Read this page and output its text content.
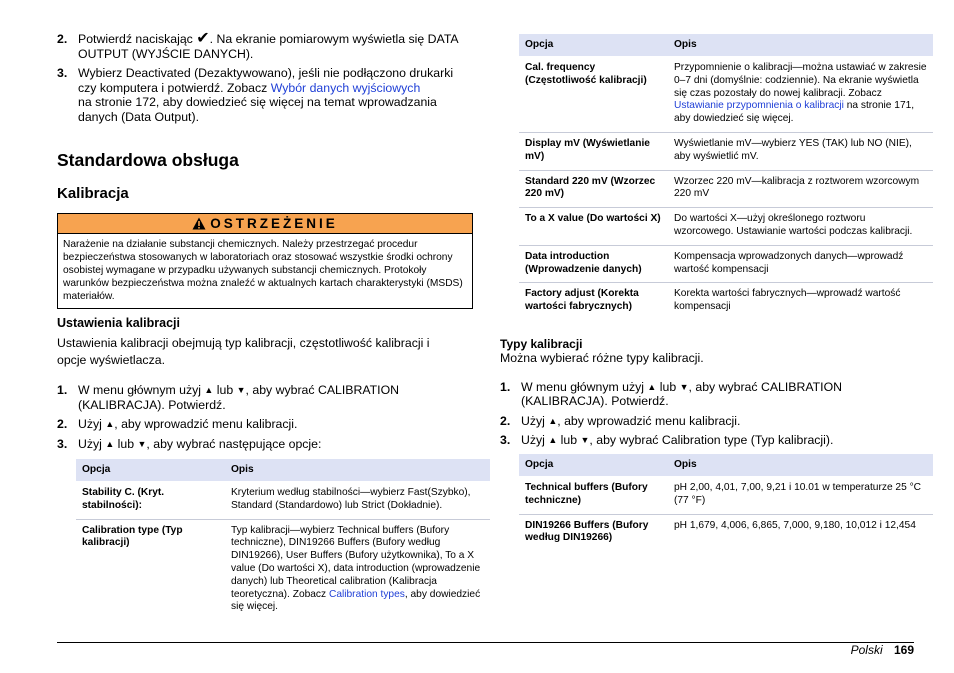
2. Potwierdź naciskając ✔. Na ekranie pomiarowym wyświetla się DATA OUTPUT (WYJŚCIE DANYCH).
3. Wybierz Deactivated (Dezaktywowano), jeśli nie podłączono drukarki czy komputera i potwierdź. Zobacz Wybór danych wyjściowych
na stronie 172, aby dowiedzieć się więcej na temat wprowadzania danych (Data Output).
Standardowa obsługa
Kalibracja
OSTRZEŻENIE
Narażenie na działanie substancji chemicznych. Należy przestrzegać procedur bezpieczeństwa stosowanych w laboratoriach oraz stosować wszystkie środki ochrony osobistej wymagane w przypadku używanych substancji chemicznych. Protokoły warunków bezpieczeństwa można znaleźć w aktualnych kartach charakterystyki (MSDS) materiałów.
Ustawienia kalibracji
Ustawienia kalibracji obejmują typ kalibracji, częstotliwość kalibracji i opcje wyświetlacza.
1. W menu głównym użyj ▲ lub ▼, aby wybrać CALIBRATION (KALIBRACJA). Potwierdź.
2. Użyj ▲, aby wprowadzić menu kalibracji.
3. Użyj ▲ lub ▼, aby wybrać następujące opcje:
Opcja	Opis
Stability C. (Kryt. stabilności):	Kryterium według stabilności—wybierz Fast(Szybko), Standard (Standardowo) lub Strict (Dokładnie).
Calibration type (Typ kalibracji)	Typ kalibracji—wybierz Technical buffers (Bufory techniczne), DIN19266 Buffers (Bufory według DIN19266), User Buffers (Bufory użytkownika), To a X value (Do wartości X), data introduction (wprowadzenie danych) lub Theoretical calibration (Kalibracja teoretyczna). Zobacz Calibration types, aby dowiedzieć się więcej.
Opcja	Opis
Cal. frequency (Częstotliwość kalibracji)	Przypomnienie o kalibracji—można ustawiać w zakresie 0–7 dni (domyślnie: codziennie). Na ekranie wyświetla się czas pozostały do nowej kalibracji. Zobacz Ustawianie przypomnienia o kalibracji na stronie 171, aby dowiedzieć się więcej.
Display mV (Wyświetlanie mV)	Wyświetlanie mV—wybierz YES (TAK) lub NO (NIE), aby wyświetlić mV.
Standard 220 mV (Wzorzec 220 mV)	Wzorzec 220 mV—kalibracja z roztworem wzorcowym 220 mV
To a X value (Do wartości X)	Do wartości X—użyj określonego roztworu wzorcowego. Ustawianie wartości podczas kalibracji.
Data introduction (Wprowadzenie danych)	Kompensacja wprowadzonych danych—wprowadź wartość kompensacji
Factory adjust (Korekta wartości fabrycznych)	Korekta wartości fabrycznych—wprowadź wartość kompensacji
Typy kalibracji
Można wybierać różne typy kalibracji.
1. W menu głównym użyj ▲ lub ▼, aby wybrać CALIBRATION (KALIBRACJA). Potwierdź.
2. Użyj ▲, aby wprowadzić menu kalibracji.
3. Użyj ▲ lub ▼, aby wybrać Calibration type (Typ kalibracji).
Opcja	Opis
Technical buffers (Bufory techniczne)	pH 2,00, 4,01, 7,00, 9,21 i 10.01 w temperaturze 25 °C (77 °F)
DIN19266 Buffers (Bufory według DIN19266)	pH 1,679, 4,006, 6,865, 7,000, 9,180, 10,012 i 12,454
Polski 169
